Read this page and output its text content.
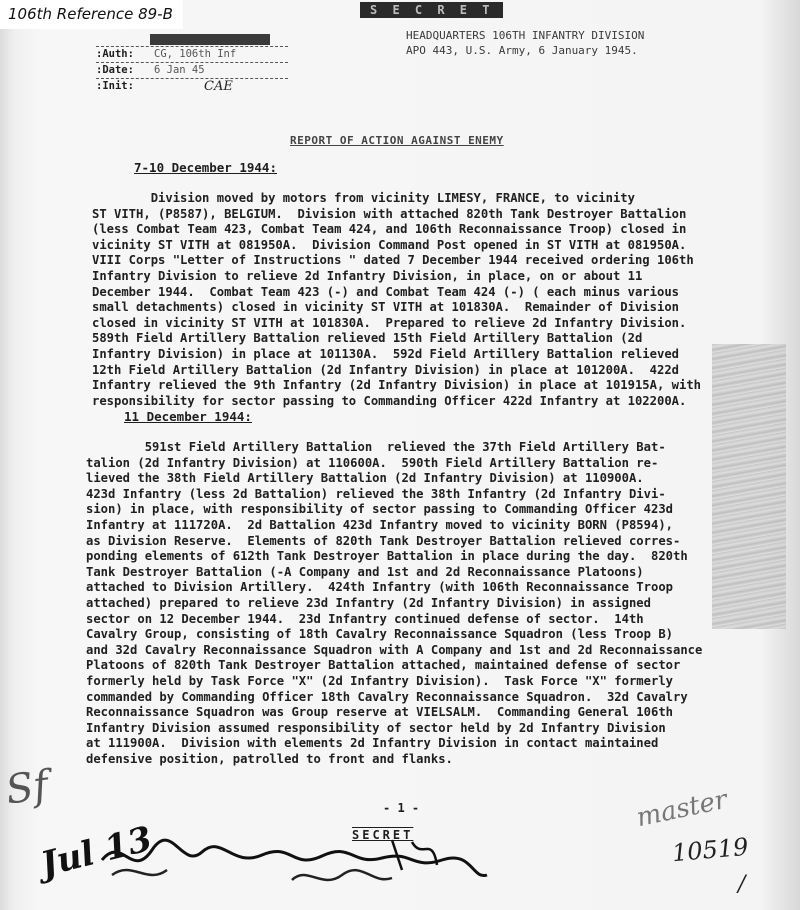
106th Reference 89-B	S E C R E T
:Auth:	CG, 106th Inf
:Date:	6 Jan 45
:Init:	CAE
HEADQUARTERS 106TH INFANTRY DIVISION
APO 443, U.S. Army, 6 January 1945.
REPORT OF ACTION AGAINST ENEMY
7-10 December 1944:
Division moved by motors from vicinity LIMESY, FRANCE, to vicinity
ST VITH, (P8587), BELGIUM.  Division with attached 820th Tank Destroyer Battalion
(less Combat Team 423, Combat Team 424, and 106th Reconnaissance Troop) closed in
vicinity ST VITH at 081950A.  Division Command Post opened in ST VITH at 081950A.
VIII Corps "Letter of Instructions " dated 7 December 1944 received ordering 106th
Infantry Division to relieve 2d Infantry Division, in place, on or about 11
December 1944.  Combat Team 423 (-) and Combat Team 424 (-) ( each minus various
small detachments) closed in vicinity ST VITH at 101830A.  Remainder of Division
closed in vicinity ST VITH at 101830A.  Prepared to relieve 2d Infantry Division.
589th Field Artillery Battalion relieved 15th Field Artillery Battalion (2d
Infantry Division) in place at 101130A.  592d Field Artillery Battalion relieved
12th Field Artillery Battalion (2d Infantry Division) in place at 101200A.  422d
Infantry relieved the 9th Infantry (2d Infantry Division) in place at 101915A, with
responsibility for sector passing to Commanding Officer 422d Infantry at 102200A.
11 December 1944:
591st Field Artillery Battalion  relieved the 37th Field Artillery Bat-
talion (2d Infantry Division) at 110600A.  590th Field Artillery Battalion re-
lieved the 38th Field Artillery Battalion (2d Infantry Division) at 110900A.
423d Infantry (less 2d Battalion) relieved the 38th Infantry (2d Infantry Divi-
sion) in place, with responsibility of sector passing to Commanding Officer 423d
Infantry at 111720A.  2d Battalion 423d Infantry moved to vicinity BORN (P8594),
as Division Reserve.  Elements of 820th Tank Destroyer Battalion relieved corres-
ponding elements of 612th Tank Destroyer Battalion in place during the day.  820th
Tank Destroyer Battalion (-A Company and 1st and 2d Reconnaissance Platoons)
attached to Division Artillery.  424th Infantry (with 106th Reconnaissance Troop
attached) prepared to relieve 23d Infantry (2d Infantry Division) in assigned
sector on 12 December 1944.  23d Infantry continued defense of sector.  14th
Cavalry Group, consisting of 18th Cavalry Reconnaissance Squadron (less Troop B)
and 32d Cavalry Reconnaissance Squadron with A Company and 1st and 2d Reconnaissance
Platoons of 820th Tank Destroyer Battalion attached, maintained defense of sector
formerly held by Task Force "X" (2d Infantry Division).  Task Force "X" formerly
commanded by Commanding Officer 18th Cavalry Reconnaissance Squadron.  32d Cavalry
Reconnaissance Squadron was Group reserve at VIELSALM.  Commanding General 106th
Infantry Division assumed responsibility of sector held by 2d Infantry Division
at 111900A.  Division with elements 2d Infantry Division in contact maintained
defensive position, patrolled to front and flanks.
- 1 -
SECRET
Sf
Jul 13
master
10519
/
